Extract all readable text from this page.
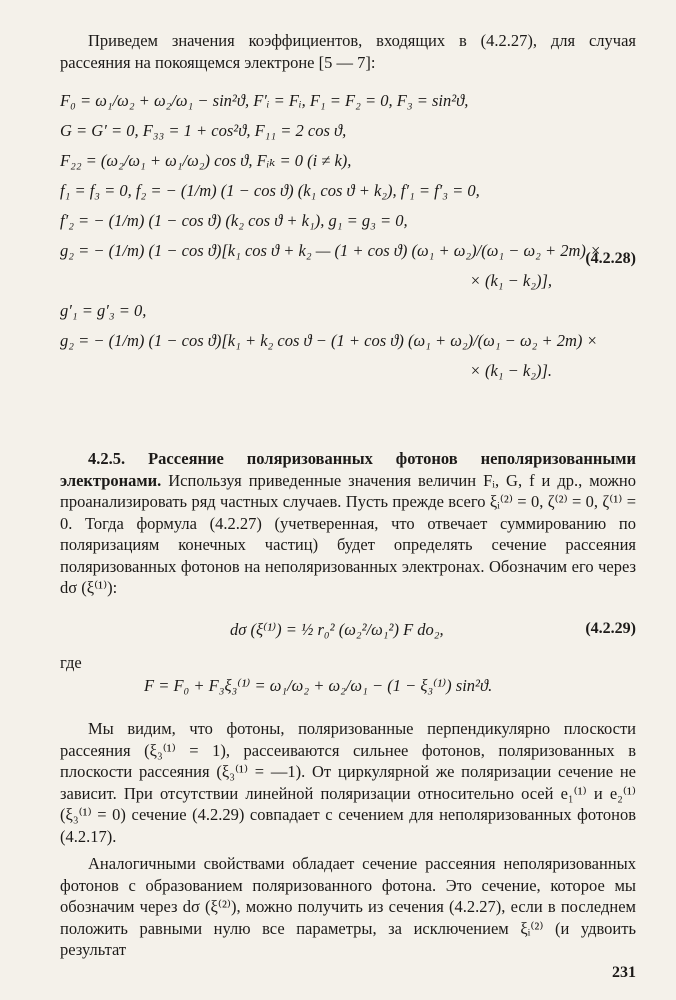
Приведем значения коэффициентов, входящих в (4.2.27), для случая рассеяния на покоящемся электроне [5 — 7]:

F₀ = ω₁/ω₂ + ω₂/ω₁ − sin²ϑ, F′ᵢ = Fᵢ, F₁ = F₂ = 0, F₃ = sin²ϑ,
G = G′ = 0, F₃₃ = 1 + cos²ϑ, F₁₁ = 2 cos ϑ,
F₂₂ = (ω₂/ω₁ + ω₁/ω₂) cos ϑ, Fᵢₖ = 0 (i ≠ k),
f₁ = f₃ = 0, f₂ = − (1/m) (1 − cos ϑ) (k₁ cos ϑ + k₂), f′₁ = f′₃ = 0,
f′₂ = − (1/m) (1 − cos ϑ) (k₂ cos ϑ + k₁), g₁ = g₃ = 0,
g₂ = − (1/m) (1 − cos ϑ)[k₁ cos ϑ + k₂ — (1 + cos ϑ) (ω₁ + ω₂)/(ω₁ − ω₂ + 2m) ×
× (k₁ − k₂)],
g′₁ = g′₃ = 0,
g₂ = − (1/m) (1 − cos ϑ)[k₁ + k₂ cos ϑ − (1 + cos ϑ) (ω₁ + ω₂)/(ω₁ − ω₂ + 2m) ×
× (k₁ − k₂)].
(4.2.28)

4.2.5. Рассеяние поляризованных фотонов неполяризованными электронами. Используя приведенные значения величин Fᵢ, G, f и др., можно проанализировать ряд частных случаев. Пусть прежде всего ξᵢ⁽²⁾ = 0, ζ⁽²⁾ = 0, ζ⁽¹⁾ = 0. Тогда формула (4.2.27) (учетверенная, что отвечает суммированию по поляризациям конечных частиц) будет определять сечение рассеяния поляризованных фотонов на неполяризованных электронах. Обозначим его через dσ (ξ⁽¹⁾):

dσ (ξ⁽¹⁾) = ½ r₀² (ω₂²/ω₁²) F do₂,	(4.2.29)

где

F = F₀ + F₃ξ₃⁽¹⁾ = ω₁/ω₂ + ω₂/ω₁ − (1 − ξ₃⁽¹⁾) sin²ϑ.

Мы видим, что фотоны, поляризованные перпендикулярно плоскости рассеяния (ξ₃⁽¹⁾ = 1), рассеиваются сильнее фотонов, поляризованных в плоскости рассеяния (ξ₃⁽¹⁾ = —1). От циркулярной же поляризации сечение не зависит. При отсутствии линейной поляризации относительно осей e₁⁽¹⁾ и e₂⁽¹⁾ (ξ₃⁽¹⁾ = 0) сечение (4.2.29) совпадает с сечением для неполяризованных фотонов (4.2.17).

Аналогичными свойствами обладает сечение рассеяния неполяризованных фотонов с образованием поляризованного фотона. Это сечение, которое мы обозначим через dσ (ξ⁽²⁾), можно получить из сечения (4.2.27), если в последнем положить равными нулю все параметры, за исключением ξᵢ⁽²⁾ (и удвоить результат

231
